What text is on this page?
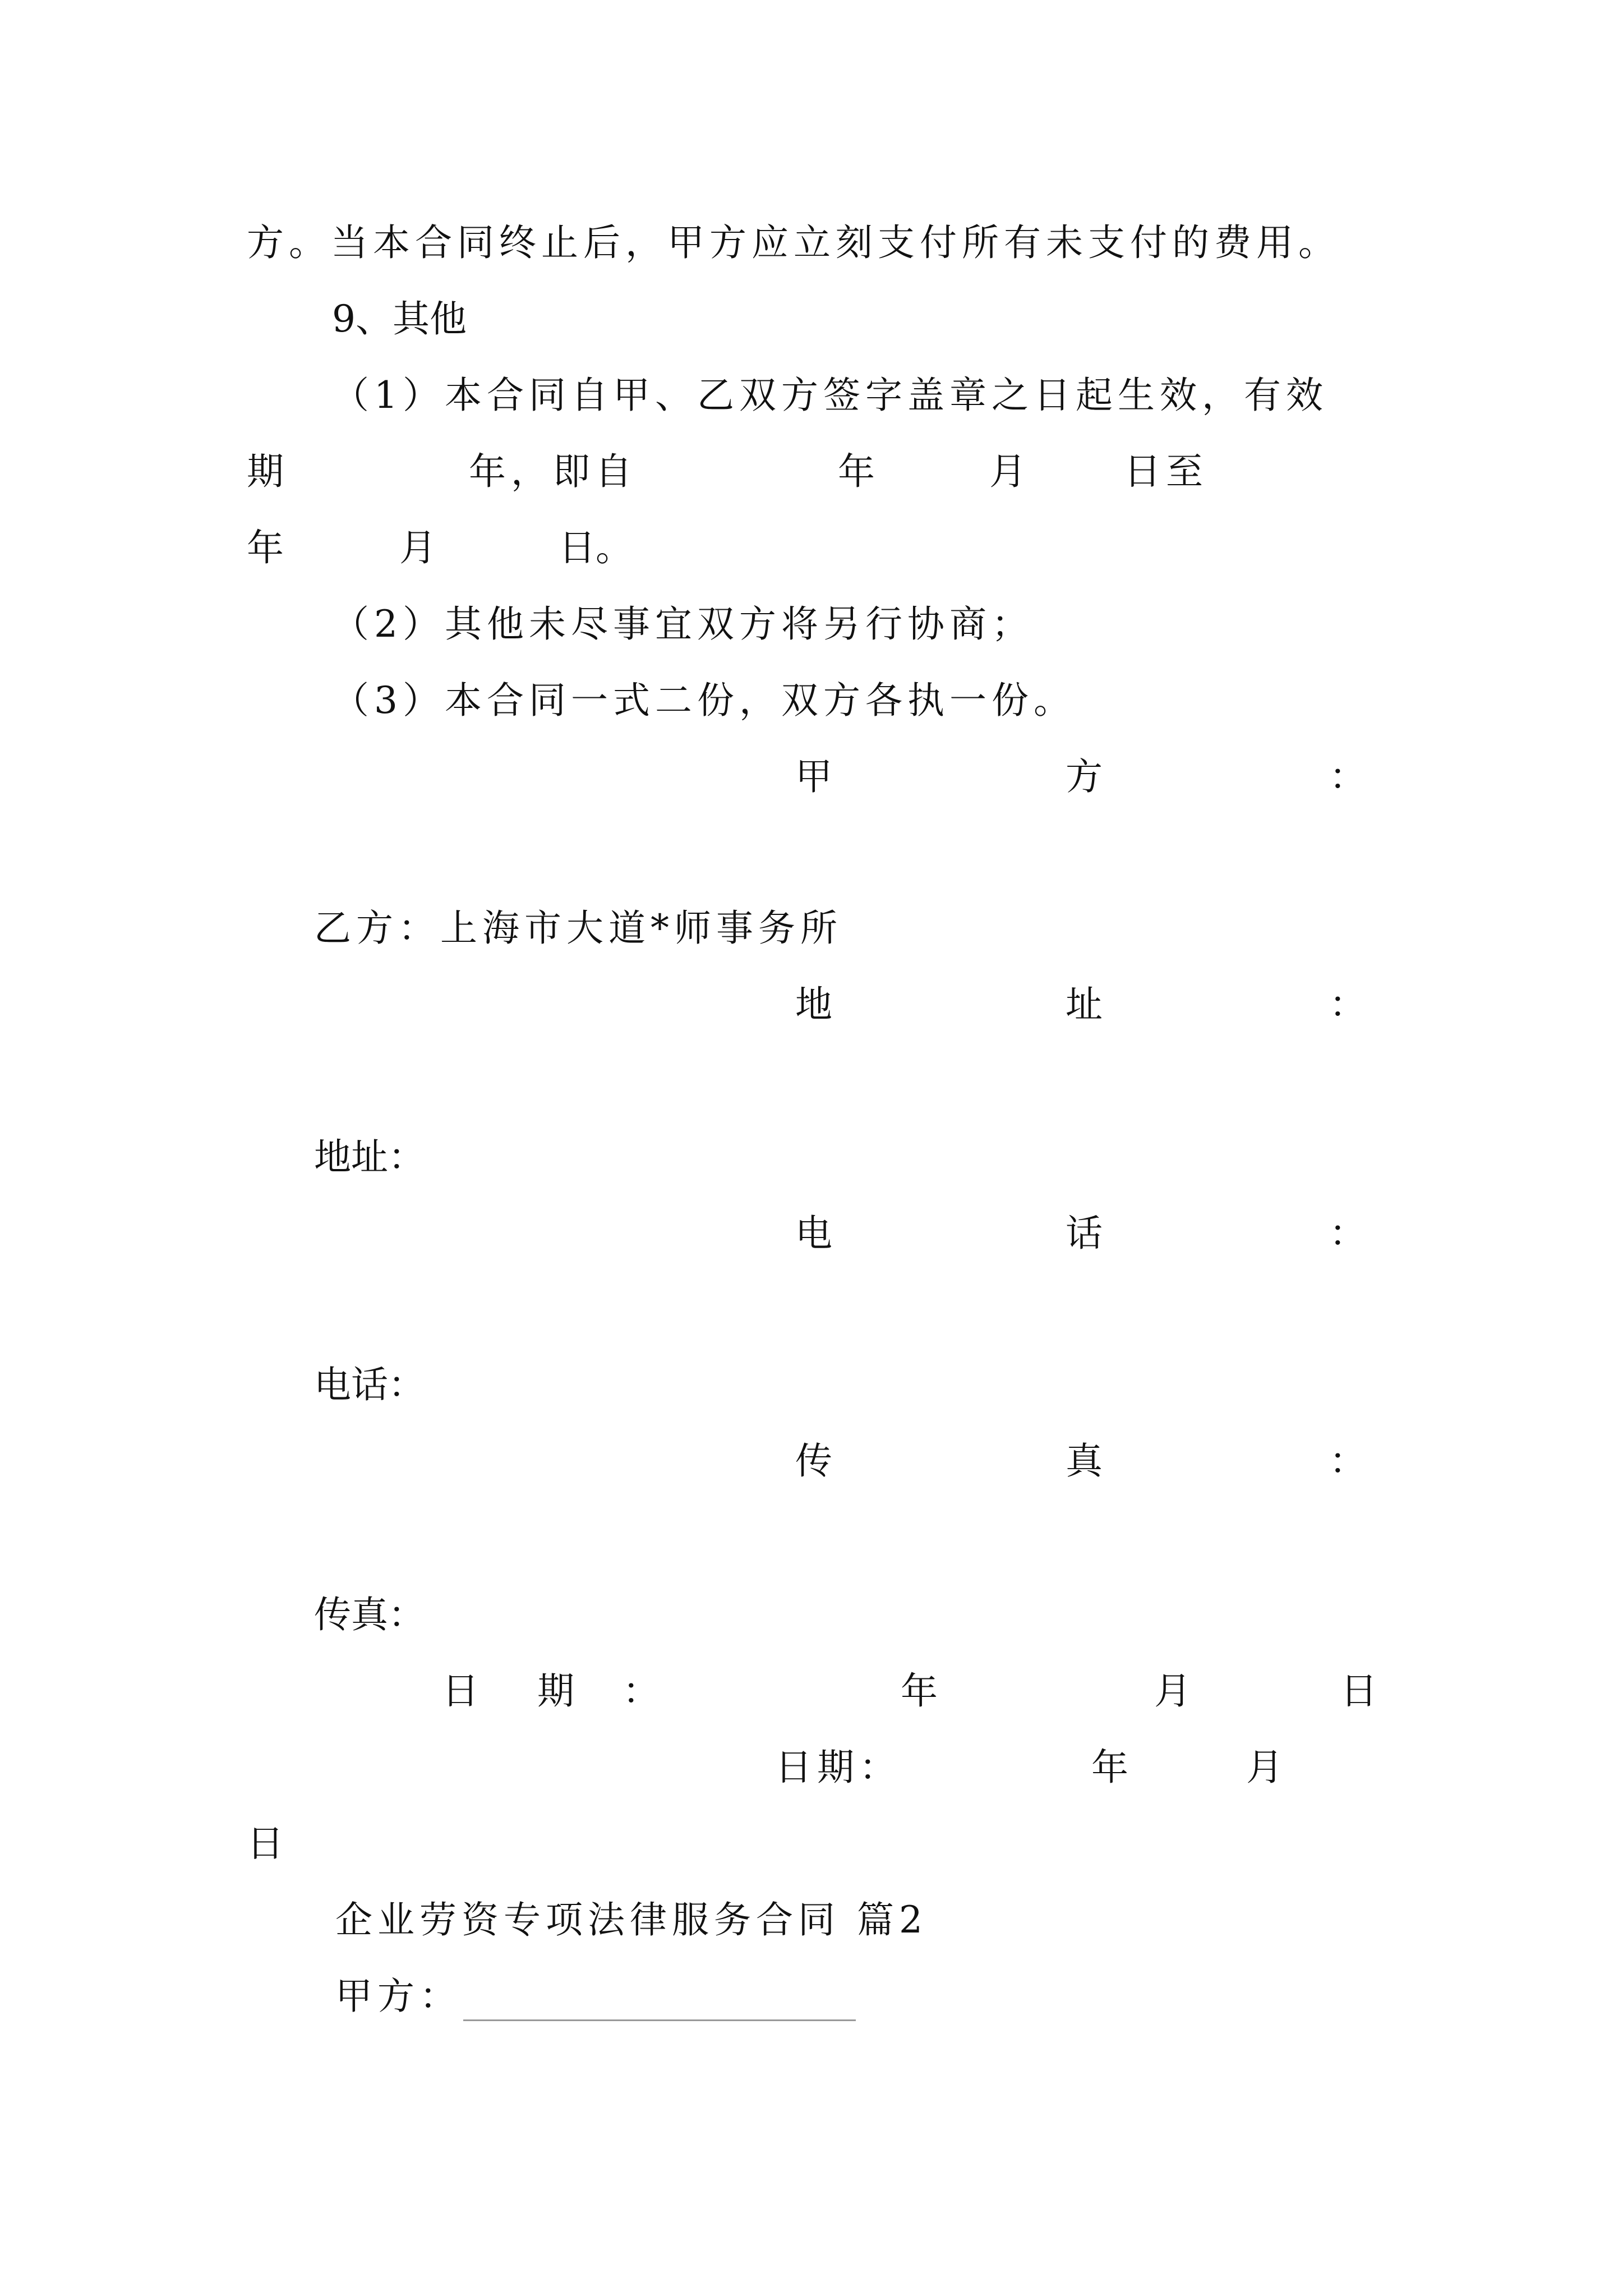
方。当本合同终止后，甲方应立刻支付所有未支付的费用。
9、其他
（1）本合同自甲、乙双方签字盖章之日起生效，有效
期	年，即自	年	月	日至
年	月	日。
（2）其他未尽事宜双方将另行协商；
（3）本合同一式二份，双方各执一份。
甲	方	：
乙方：上海市大道*师事务所
地	址	：
地址：
电	话	：
电话：
传	真	：
传真：
日 期 ：	年	月	日
日期：	年	月
日
企业劳资专项法律服务合同 篇2
甲方：
